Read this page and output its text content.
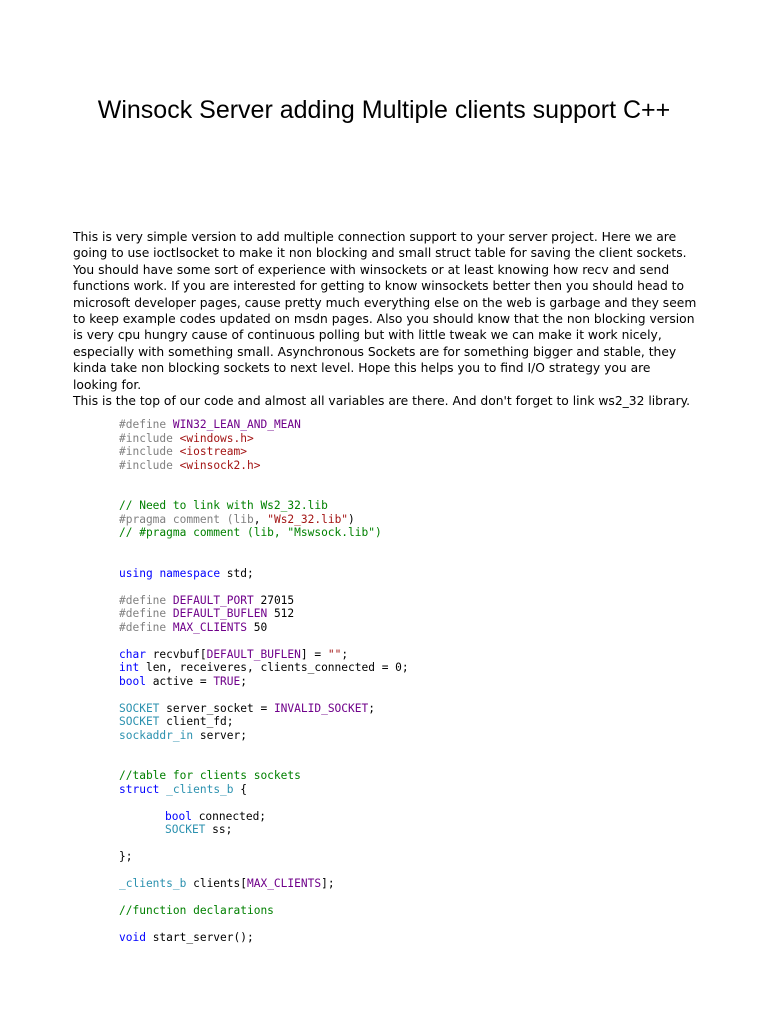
Winsock Server adding Multiple clients support C++

This is very simple version to add multiple connection support to your server project. Here we are going to use ioctlsocket to make it non blocking and small struct table for saving the client sockets. You should have some sort of experience with winsockets or at least knowing how recv and send functions work. If you are interested for getting to know winsockets better then you should head to microsoft developer pages, cause pretty much everything else on the web is garbage and they seem to keep example codes updated on msdn pages. Also you should know that the non blocking version is very cpu hungry cause of continuous polling but with little tweak we can make it work nicely, especially with something small. Asynchronous Sockets are for something bigger and stable, they kinda take non blocking sockets to next level. Hope this helps you to find I/O strategy you are looking for.

This is the top of our code and almost all variables are there. And don't forget to link ws2_32 library.

#define WIN32_LEAN_AND_MEAN
#include <windows.h>
#include <iostream>
#include <winsock2.h>
// Need to link with Ws2_32.lib
#pragma comment (lib, "Ws2_32.lib")
// #pragma comment (lib, "Mswsock.lib")
using namespace std;
#define DEFAULT_PORT 27015
#define DEFAULT_BUFLEN 512
#define MAX_CLIENTS 50
char recvbuf[DEFAULT_BUFLEN] = "";
int len, receiveres, clients_connected = 0;
bool active = TRUE;
SOCKET server_socket = INVALID_SOCKET;
SOCKET client_fd;
sockaddr_in server;
//table for clients sockets
struct _clients_b {
bool connected;
SOCKET ss;
};
_clients_b clients[MAX_CLIENTS];
//function declarations
void start_server();
